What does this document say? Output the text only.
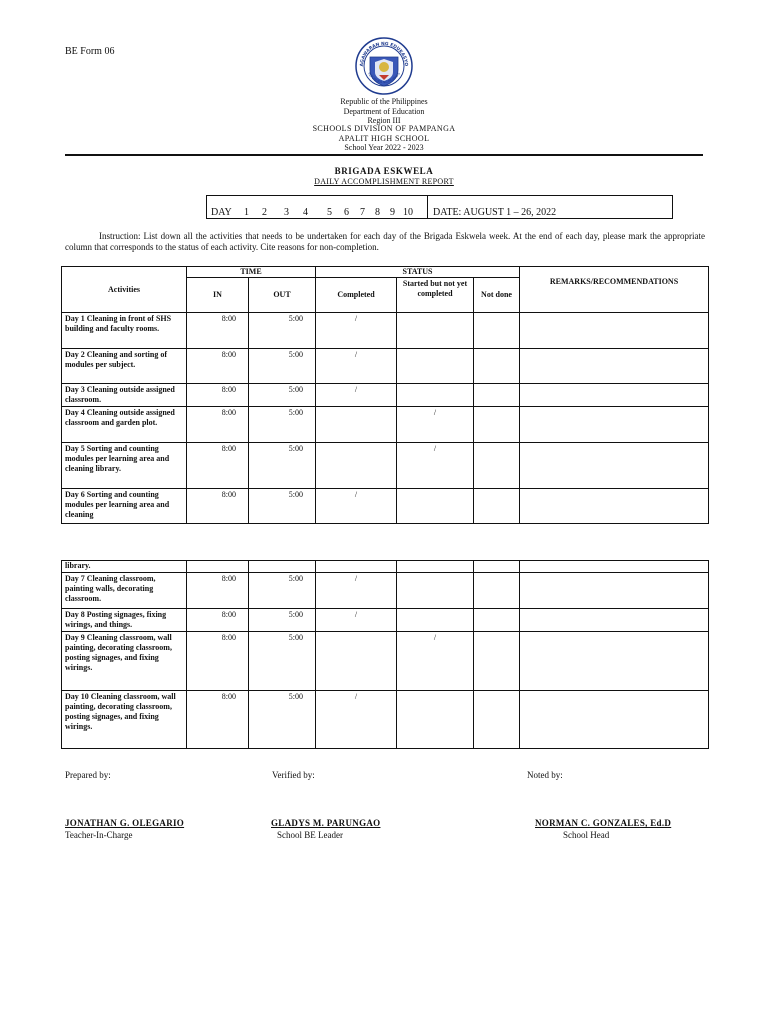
BE Form 06
AGAWARAN NG EDUKASYO
REPUBLIKA NG PILIPINAS
Republic of the Philippines
Department of Education
Region III
SCHOOLS DIVISION OF PAMPANGA
APALIT HIGH SCHOOL
School Year 2022 - 2023
BRIGADA ESKWELA
DAILY ACCOMPLISHMENT REPORT
DAY 1 2 3 4 5 6 7 8 9 10 DATE: AUGUST 1 – 26, 2022
Instruction: List down all the activities that needs to be undertaken for each day of the Brigada Eskwela week. At the end of each day, please mark the appropriate column that corresponds to the status of each activity. Cite reasons for non-completion.
Activities	TIME		STATUS			REMARKS/RECOMMENDATIONS
	IN	OUT	Completed	Started but not yet completed	Not done	
Day 1 Cleaning in front of SHS building and faculty rooms.	8:00	5:00	/			
Day 2 Cleaning and sorting of modules per subject.	8:00	5:00	/			
Day 3 Cleaning outside assigned classroom.	8:00	5:00	/			
Day 4 Cleaning outside assigned classroom and garden plot.	8:00	5:00		/		
Day 5 Sorting and counting modules per learning area and cleaning library.	8:00	5:00		/		
Day 6 Sorting and counting modules per learning area and cleaning	8:00	5:00	/			
library.						
Day 7 Cleaning classroom, painting walls, decorating classroom.	8:00	5:00	/			
Day 8 Posting signages, fixing wirings, and things.	8:00	5:00	/			
Day 9 Cleaning classroom, wall painting, decorating classroom, posting signages, and fixing wirings.	8:00	5:00		/		
Day 10 Cleaning classroom, wall painting, decorating classroom, posting signages, and fixing wirings.	8:00	5:00	/			
Prepared by:	Verified by:	Noted by:
JONATHAN G. OLEGARIO	GLADYS M. PARUNGAO	NORMAN C. GONZALES, Ed.D
Teacher-In-Charge	School BE Leader	School Head
